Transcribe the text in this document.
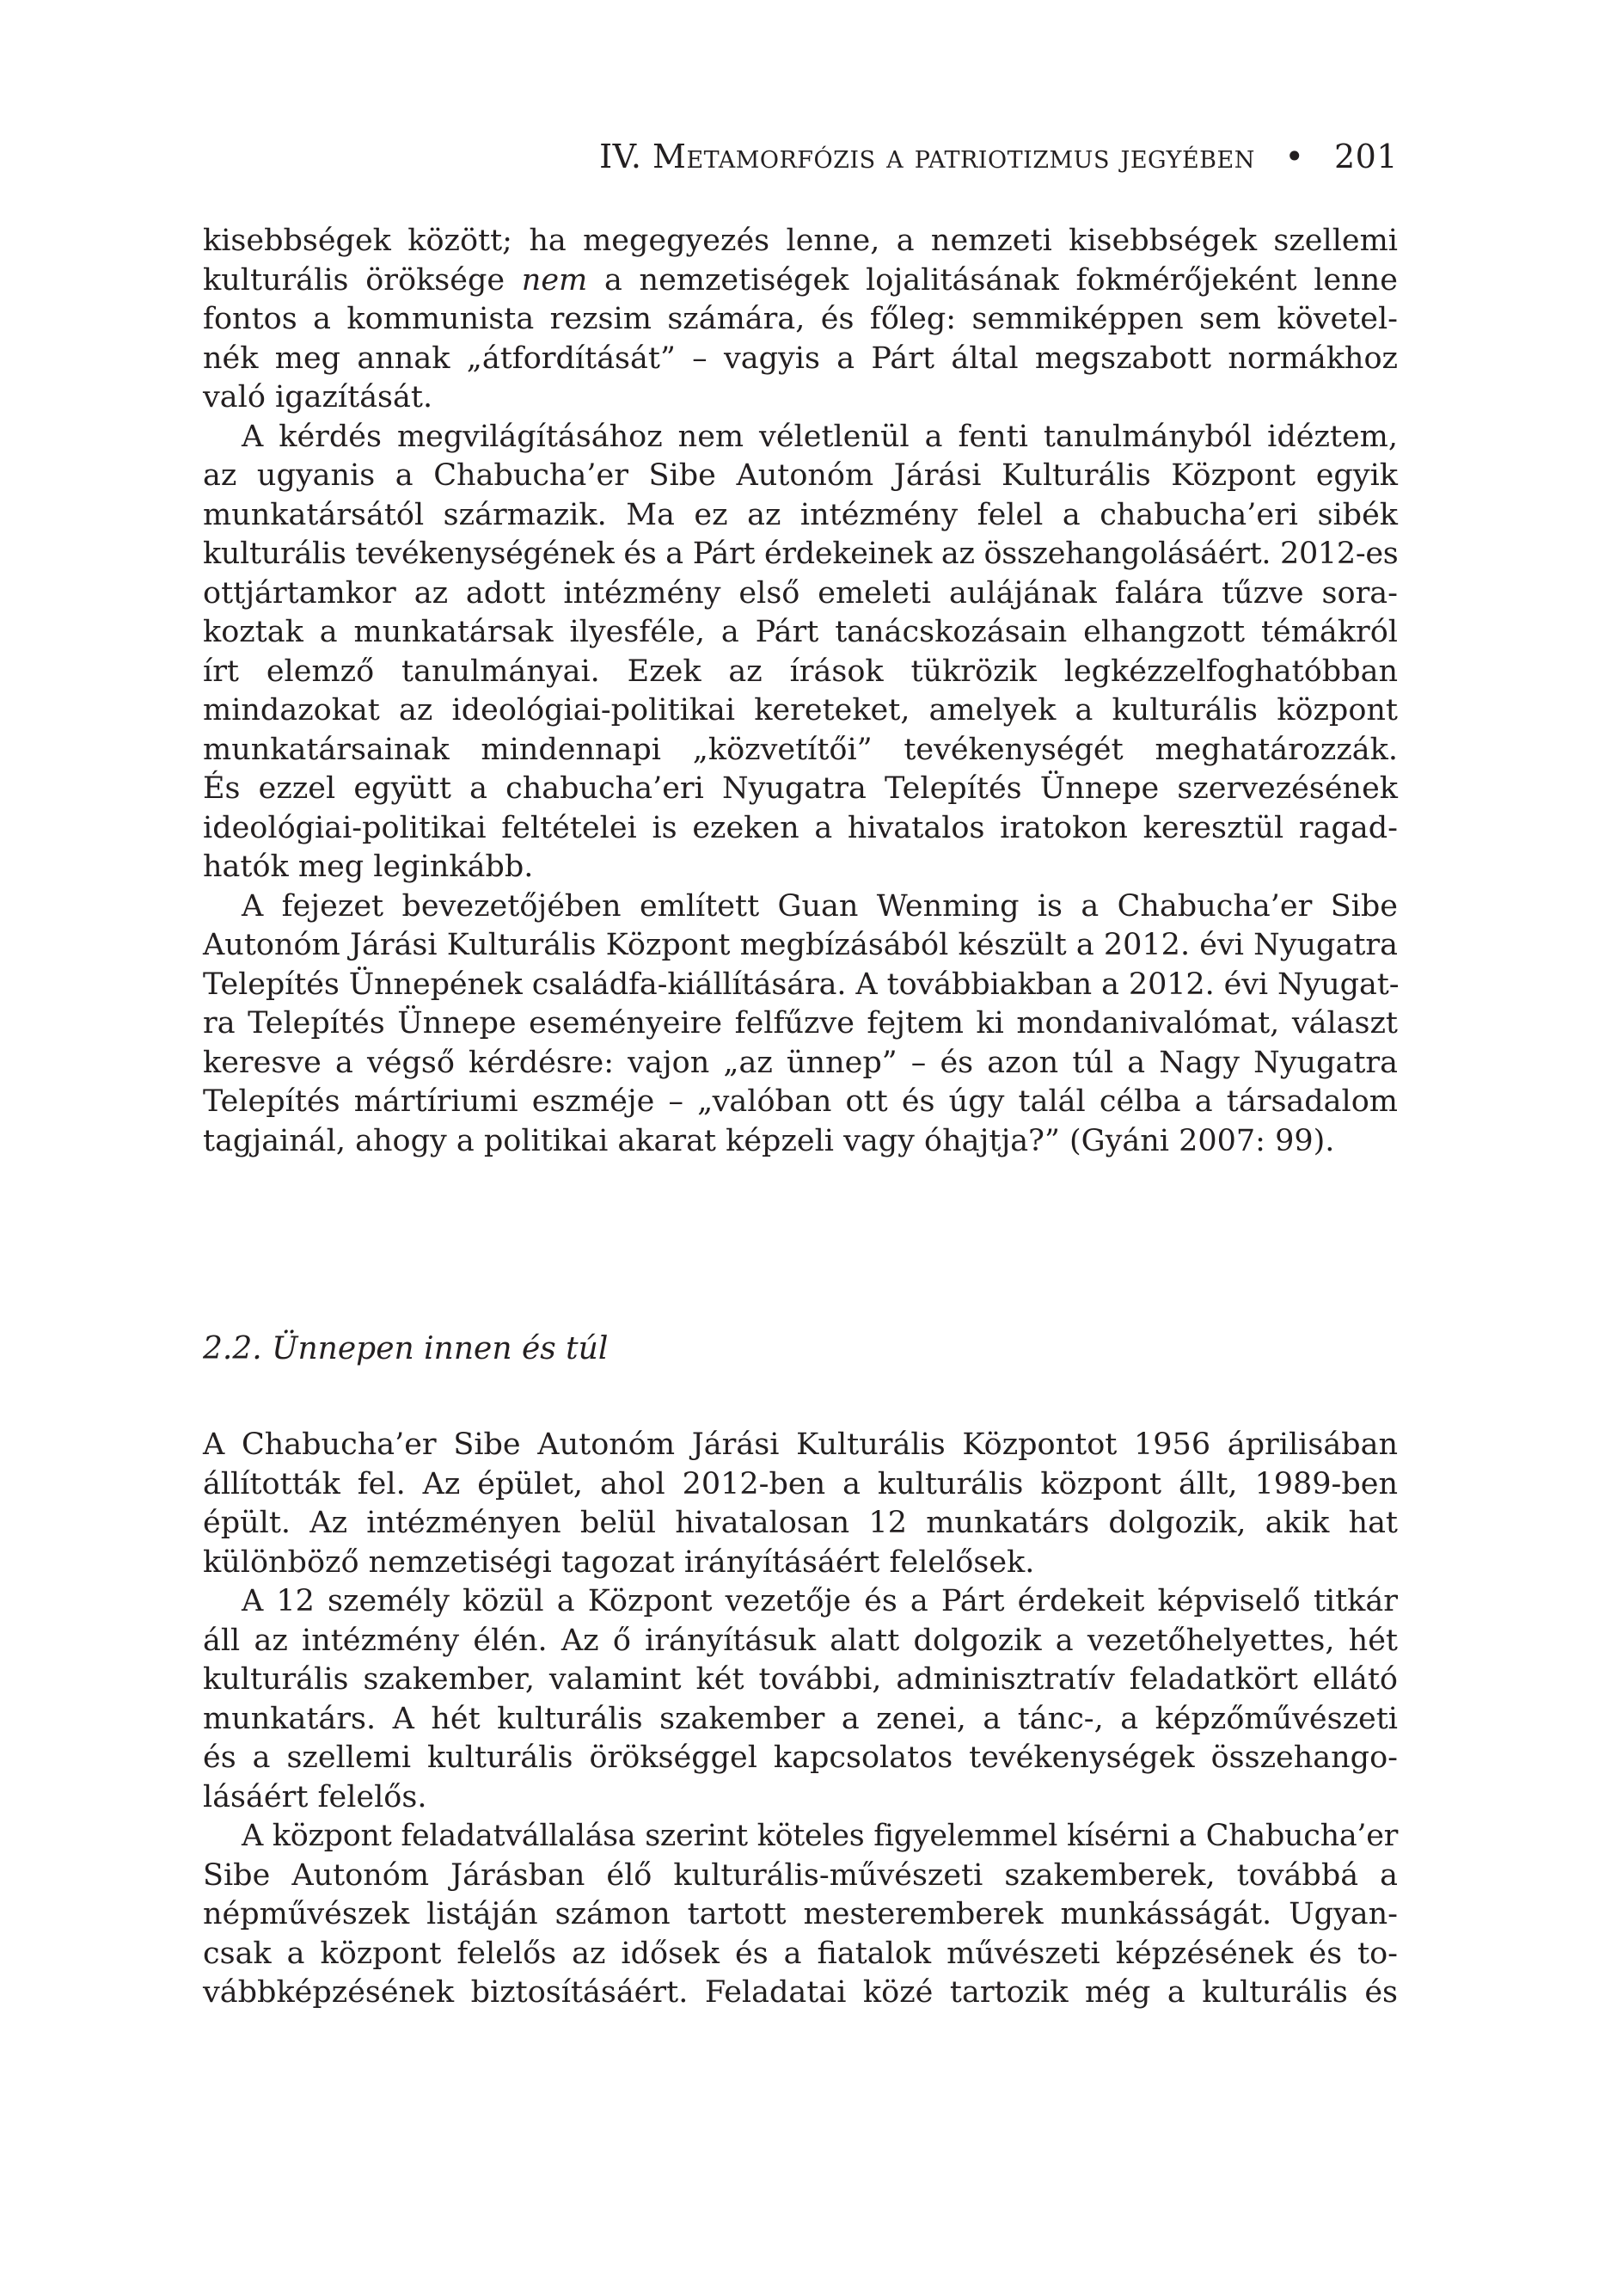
IV. Metamorfózis a patriotizmus jegyében • 201
kisebbségek között; ha megegyezés lenne, a nemzeti kisebbségek szellemi
kulturális öröksége nem a nemzetiségek lojalitásának fokmérőjeként lenne
fontos a kommunista rezsim számára, és főleg: semmiképpen sem követel-
nék meg annak „átfordítását” – vagyis a Párt által megszabott normákhoz
való igazítását.
A kérdés megvilágításához nem véletlenül a fenti tanulmányból idéztem,
az ugyanis a Chabucha’er Sibe Autonóm Járási Kulturális Központ egyik
munkatársától származik. Ma ez az intézmény felel a chabucha’eri sibék
kulturális tevékenységének és a Párt érdekeinek az összehangolásáért. 2012-es
ottjártamkor az adott intézmény első emeleti aulájának falára tűzve sora-
koztak a munkatársak ilyesféle, a Párt tanácskozásain elhangzott témákról
írt elemző tanulmányai. Ezek az írások tükrözik legkézzelfoghatóbban
mindazokat az ideológiai-politikai kereteket, amelyek a kulturális központ
munkatársainak mindennapi „közvetítői” tevékenységét meghatározzák.
És ezzel együtt a chabucha’eri Nyugatra Telepítés Ünnepe szervezésének
ideológiai-politikai feltételei is ezeken a hivatalos iratokon keresztül ragad-
hatók meg leginkább.
A fejezet bevezetőjében említett Guan Wenming is a Chabucha’er Sibe
Autonóm Járási Kulturális Központ megbízásából készült a 2012. évi Nyugatra
Telepítés Ünnepének családfa-kiállítására. A továbbiakban a 2012. évi Nyugat-
ra Telepítés Ünnepe eseményeire felfűzve fejtem ki mondanivalómat, választ
keresve a végső kérdésre: vajon „az ünnep” – és azon túl a Nagy Nyugatra
Telepítés mártíriumi eszméje – „valóban ott és úgy talál célba a társadalom
tagjainál, ahogy a politikai akarat képzeli vagy óhajtja?” (Gyáni 2007: 99).
2.2. Ünnepen innen és túl
A Chabucha’er Sibe Autonóm Járási Kulturális Központot 1956 áprilisában
állították fel. Az épület, ahol 2012-ben a kulturális központ állt, 1989-ben
épült. Az intézményen belül hivatalosan 12 munkatárs dolgozik, akik hat
különböző nemzetiségi tagozat irányításáért felelősek.
A 12 személy közül a Központ vezetője és a Párt érdekeit képviselő titkár
áll az intézmény élén. Az ő irányításuk alatt dolgozik a vezetőhelyettes, hét
kulturális szakember, valamint két további, adminisztratív feladatkört ellátó
munkatárs. A hét kulturális szakember a zenei, a tánc-, a képzőművészeti
és a szellemi kulturális örökséggel kapcsolatos tevékenységek összehango-
lásáért felelős.
A központ feladatvállalása szerint köteles figyelemmel kísérni a Chabucha’er
Sibe Autonóm Járásban élő kulturális-művészeti szakemberek, továbbá a
népművészek listáján számon tartott mesteremberek munkásságát. Ugyan-
csak a központ felelős az idősek és a fiatalok művészeti képzésének és to-
vábbképzésének biztosításáért. Feladatai közé tartozik még a kulturális és
